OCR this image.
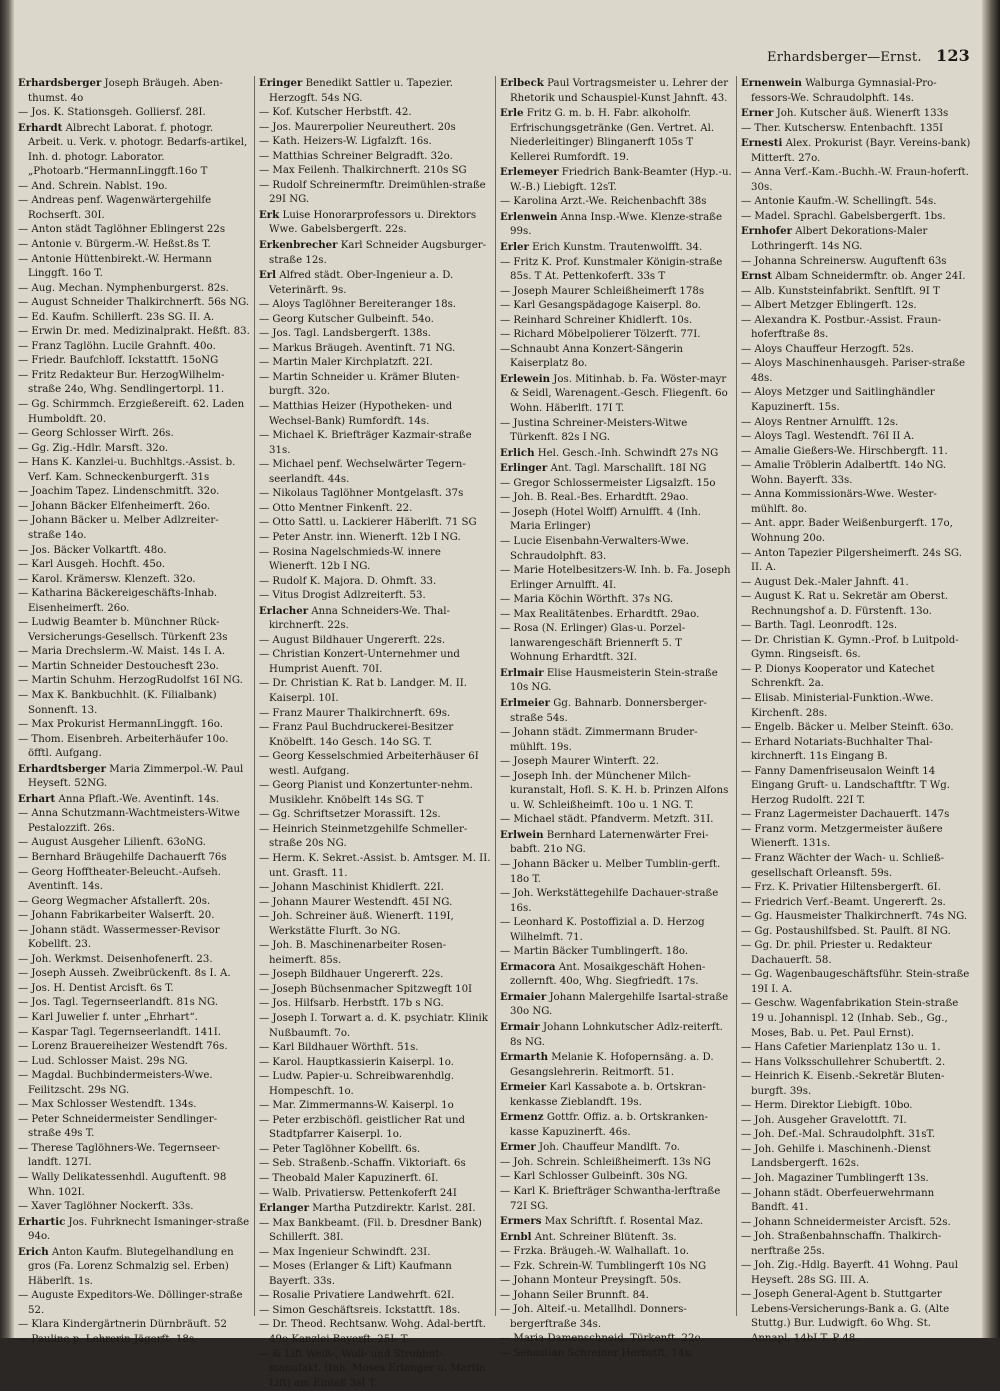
Erhardsberger—Ernst. 123

Erhardsberger Joseph Bräugeh. Aben-thumst. 4o

— Jos. K. Stationsgeh. Golliersf. 28I.

Erhardt Albrecht Laborat. f. photogr. Arbeit. u. Verk. v. photogr. Bedarfs-artikel, Inh. d. photogr. Laborator. „Photoarb.“HermannLinggft.16o T

— And. Schrein. Nablst. 19o.

— Andreas penf. Wagenwärtergehilfe Rochserft. 30I.

— Anton städt Taglöhner Eblingerst 22s

— Antonie v. Bürgerm.-W. Heßst.8s T.

— Antonie Hüttenbirekt.-W. Hermann Linggft. 16o T.

— Aug. Mechan. Nymphenburgerst. 82s.

— August Schneider Thalkirchnerft. 56s NG.

— Ed. Kaufm. Schillerft. 23s SG. II. A.

— Erwin Dr. med. Medizinalprakt. Heßft. 83.

— Franz Taglöhn. Lucile Grahnft. 40o.

— Friedr. Baufchloff. Ickstattft. 15oNG

— Fritz Redakteur Bur. HerzogWilhelm-straße 24o, Whg. Sendlingertorpl. 11.

— Gg. Schirmmch. Erzgießereift. 62. Laden Humboldft. 20.

— Georg Schlosser Wirft. 26s.

— Gg. Zig.-Hdlr. Marsft. 32o.

— Hans K. Kanzlei-u. Buchhltgs.-Assist. b. Verf. Kam. Schneckenburgerft. 31s

— Joachim Tapez. Lindenschmitft. 32o.

— Johann Bäcker Elfenheimerft. 26o.

— Johann Bäcker u. Melber Adlzreiter-straße 14o.

— Jos. Bäcker Volkartft. 48o.

— Karl Ausgeh. Hochft. 45o.

— Karol. Krämersw. Klenzeft. 32o.

— Katharina Bäckereigeschäfts-Inhab. Eisenheimerft. 26o.

— Ludwig Beamter b. Münchner Rück-Versicherungs-Gesellsch. Türkenft 23s

— Maria Drechslerm.-W. Maist. 14s I. A.

— Martin Schneider Destouchesft 23o.

— Martin Schuhm. HerzogRudolfst 16I NG.

— Max K. Bankbuchhlt. (K. Filialbank) Sonnenft. 13.

— Max Prokurist HermannLinggft. 16o.

— Thom. Eisenbreh. Arbeiterhäufer 10o. öfftl. Aufgang.

Erhardtsberger Maria Zimmerpol.-W. Paul Heyseft. 52NG.

Erhart Anna Pflaft.-We. Aventinft. 14s.

— Anna Schutzmann-Wachtmeisters-Witwe Pestalozzift. 26s.

— August Ausgeher Lilienft. 63oNG.

— Bernhard Bräugehilfe Dachauerft 76s

— Georg Hofftheater-Beleucht.-Aufseh. Aventinft. 14s.

— Georg Wegmacher Afstallerft. 20s.

— Johann Fabrikarbeiter Walserft. 20.

— Johann städt. Wassermesser-Revisor Kobellft. 23.

— Joh. Werkmst. Deisenhofenerft. 23.

— Joseph Ausseh. Zweibrückenft. 8s I. A.

— Jos. H. Dentist Arcisft. 6s T.

— Jos. Tagl. Tegernseerlandft. 81s NG.

— Karl Juwelier f. unter „Ehrhart“.

— Kaspar Tagl. Tegernseerlandft. 141I.

— Lorenz Brauereiheizer Westendft 76s.

— Lud. Schlosser Maist. 29s NG.

— Magdal. Buchbindermeisters-Wwe. Feilitzscht. 29s NG.

— Max Schlosser Westendft. 134s.

— Peter Schneidermeister Sendlinger-straße 49s T.

— Therese Taglöhners-We. Tegernseer-landft. 127I.

— Wally Delikatessenhdl. Auguftenft. 98 Whn. 102I.

— Xaver Taglöhner Nockerft. 33s.

Erhartic Jos. Fuhrknecht Ismaninger-straße 94o.

Erich Anton Kaufm. Blutegelhandlung en gros (Fa. Lorenz Schmalzig sel. Erben) Häberlft. 1s.

— Auguste Expeditors-We. Döllinger-straße 52.

— Klara Kindergärtnerin Dürnbräuft. 52

— Pauline p. Lehrerin Jägerft. 18s.

Eringer Benedikt Sattler u. Tapezier. Herzogft. 54s NG.

— Kof. Kutscher Herbstft. 42.

— Jos. Maurerpolier Neureuthert. 20s

— Kath. Heizers-W. Ligfalzft. 16s.

— Matthias Schreiner Belgradft. 32o.

— Max Feilenh. Thalkirchnerft. 210s SG

— Rudolf Schreinermftr. Dreimühlen-straße 29I NG.

Erk Luise Honorarprofessors u. Direktors Wwe. Gabelsbergerft. 22s.

Erkenbrecher Karl Schneider Augsburger-straße 12s.

Erl Alfred städt. Ober-Ingenieur a. D. Veterinärft. 9s.

— Aloys Taglöhner Bereiteranger 18s.

— Georg Kutscher Gulbeinft. 54o.

— Jos. Tagl. Landsbergerft. 138s.

— Markus Bräugeh. Aventinft. 71 NG.

— Martin Maler Kirchplatzft. 22I.

— Martin Schneider u. Krämer Bluten-burgft. 32o.

— Matthias Heizer (Hypotheken- und Wechsel-Bank) Rumfordft. 14s.

— Michael K. Briefträger Kazmair-straße 31s.

— Michael penf. Wechselwärter Tegern-seerlandft. 44s.

— Nikolaus Taglöhner Montgelasft. 37s

— Otto Mentner Finkenft. 22.

— Otto Sattl. u. Lackierer Häberlft. 71 SG

— Peter Anstr. inn. Wienerft. 12b I NG.

— Rosina Nagelschmieds-W. innere Wienerft. 12b I NG.

— Rudolf K. Majora. D. Ohmft. 33.

— Vitus Drogist Adlzreiterft. 53.

Erlacher Anna Schneiders-We. Thal-kirchnerft. 22s.

— August Bildhauer Ungererft. 22s.

— Christian Konzert-Unternehmer und Humprist Auenft. 70I.

— Dr. Christian K. Rat b. Landger. M. II. Kaiserpl. 10I.

— Franz Maurer Thalkirchnerft. 69s.

— Franz Paul Buchdruckerei-Besitzer Knöbelft. 14o Gesch. 14o SG. T.

— Georg Kesselschmied Arbeiterhäuser 6I westl. Aufgang.

— Georg Pianist und Konzertunter-nehm. Musiklehr. Knöbelft 14s SG. T

— Gg. Schriftsetzer Morassift. 12s.

— Heinrich Steinmetzgehilfe Schmeller-straße 20s NG.

— Herm. K. Sekret.-Assist. b. Amtsger. M. II. unt. Grasft. 11.

— Johann Maschinist Khidlerft. 22I.

— Johann Maurer Westendft. 45I NG.

— Joh. Schreiner äuß. Wienerft. 119I, Werkstätte Flurft. 3o NG.

— Joh. B. Maschinenarbeiter Rosen-heimerft. 85s.

— Joseph Bildhauer Ungererft. 22s.

— Joseph Büchsenmacher Spitzwegft 10I

— Jos. Hilfsarb. Herbstft. 17b s NG.

— Joseph I. Torwart a. d. K. psychiatr. Klinik Nußbaumft. 7o.

— Karl Bildhauer Wörthft. 51s.

— Karol. Hauptkassierin Kaiserpl. 1o.

— Ludw. Papier-u. Schreibwarenhdlg. Hompeschft. 1o.

— Mar. Zimmermanns-W. Kaiserpl. 1o

— Peter erzbischöfl. geistlicher Rat und Stadtpfarrer Kaiserpl. 1o.

— Peter Taglöhner Kobellft. 6s.

— Seb. Straßenb.-Schaffn. Viktoriaft. 6s

— Theobald Maler Kapuzinerft. 6I.

— Walb. Privatiersw. Pettenkoferft 24I

Erlanger Martha Putzdirektr. Karlst. 28I.

— Max Bankbeamt. (Fil. b. Dresdner Bank) Schillerft. 38I.

— Max Ingenieur Schwindft. 23I.

— Moses (Erlanger & Lift) Kaufmann Bayerft. 33s.

— Rosalie Privatiere Landwehrft. 62I.

— Simon Geschäftsreis. Ickstattft. 18s.

— Dr. Theod. Rechtsanw. Wohg. Adal-bertft. 49o Kanzlei Bayerft. 25I. T.

— & Lift Weiß-, Woll- und Strohhut-manufakt. (Inh. Moses Erlanger u. Martin Lift) am Einlaß 3sI T.

Erlbeck Paul Vortragsmeister u. Lehrer der Rhetorik und Schauspiel-Kunst Jahnft. 43.

Erle Fritz G. m. b. H. Fabr. alkoholfr. Erfrischungsgetränke (Gen. Vertret. Al. Niederleitinger) Blinganerft 105s T Kellerei Rumfordft. 19.

Erlemeyer Friedrich Bank-Beamter (Hyp.-u. W.-B.) Liebigft. 12sT.

— Karolina Arzt.-We. Reichenbachft 38s

Erlenwein Anna Insp.-Wwe. Klenze-straße 99s.

Erler Erich Kunstm. Trautenwolfft. 34.

— Fritz K. Prof. Kunstmaler Königin-straße 85s. T At. Pettenkoferft. 33s T

— Joseph Maurer Schleißheimerft 178s

— Karl Gesangspädagoge Kaiserpl. 8o.

— Reinhard Schreiner Khidlerft. 10s.

— Richard Möbelpolierer Tölzerft. 77I.

—Schnaubt Anna Konzert-Sängerin Kaiserplatz 8o.

Erlewein Jos. Mitinhab. b. Fa. Wöster-mayr & Seidl, Warenagent.-Gesch. Fliegenft. 6o Wohn. Häberlft. 17I T.

— Justina Schreiner-Meisters-Witwe Türkenft. 82s I NG.

Erlich Hel. Gesch.-Inh. Schwindft 27s NG

Erlinger Ant. Tagl. Marschallft. 18I NG

— Gregor Schlossermeister Ligsalzft. 15o

— Joh. B. Real.-Bes. Erhardtft. 29ao.

— Joseph (Hotel Wolff) Arnulfft. 4 (Inh. Maria Erlinger)

— Lucie Eisenbahn-Verwalters-Wwe. Schraudolphft. 83.

— Marie Hotelbesitzers-W. Inh. b. Fa. Joseph Erlinger Arnulfft. 4I.

— Maria Köchin Wörthft. 37s NG.

— Max Realitätenbes. Erhardtft. 29ao.

— Rosa (N. Erlinger) Glas-u. Porzel-lanwarengeschäft Briennerft 5. T Wohnung Erhardtft. 32I.

Erlmair Elise Hausmeisterin Stein-straße 10s NG.

Erlmeier Gg. Bahnarb. Donnersberger-straße 54s.

— Johann städt. Zimmermann Bruder-mühlft. 19s.

— Joseph Maurer Winterft. 22.

— Joseph Inh. der Münchener Milch-kuranstalt, Hofl. S. K. H. b. Prinzen Alfons u. W. Schleißheimft. 10o u. 1 NG. T.

— Michael städt. Pfandverm. Metzft. 31I.

Erlwein Bernhard Laternenwärter Frei-babft. 21o NG.

— Johann Bäcker u. Melber Tumblin-gerft. 18o T.

— Joh. Werkstättegehilfe Dachauer-straße 16s.

— Leonhard K. Postoffizial a. D. Herzog Wilhelmft. 71.

— Martin Bäcker Tumblingerft. 18o.

Ermacora Ant. Mosaikgeschäft Hohen-zollernft. 40o, Whg. Siegfriedft. 17s.

Ermaier Johann Malergehilfe Isartal-straße 30o NG.

Ermair Johann Lohnkutscher Adlz-reiterft. 8s NG.

Ermarth Melanie K. Hofopernsäng. a. D. Gesangslehrerin. Reitmorft. 51.

Ermeier Karl Kassabote a. b. Ortskran-kenkasse Zieblandft. 19s.

Ermenz Gottfr. Offiz. a. b. Ortskranken-kasse Kapuzinerft. 46s.

Ermer Joh. Chauffeur Mandlft. 7o.

— Joh. Schrein. Schleißheimerft. 13s NG

— Karl Schlosser Gulbeinft. 30s NG.

— Karl K. Briefträger Schwantha-lerftraße 72I SG.

Ermers Max Schriftft. f. Rosental Maz.

Ernbl Ant. Schreiner Blütenft. 3s.

— Frzka. Bräugeh.-W. Walhallaft. 1o.

— Fzk. Schrein-W. Tumblingerft 10s NG

— Johann Monteur Preysingft. 50s.

— Johann Seiler Brunnft. 84.

— Joh. Alteif.-u. Metallhdl. Donners-bergerftraße 34s.

— Maria Damenschneid. Türkenft. 22o.

— Sebastian Schreiner Herbstft. 14s.

Ernenwein Walburga Gymnasial-Pro-fessors-We. Schraudolphft. 14s.

Erner Joh. Kutscher äuß. Wienerft 133s

— Ther. Kutschersw. Entenbachft. 135I

Ernesti Alex. Prokurist (Bayr. Vereins-bank) Mitterft. 27o.

— Anna Verf.-Kam.-Buchh.-W. Fraun-hoferft. 30s.

— Antonie Kaufm.-W. Schellingft. 54s.

— Madel. Sprachl. Gabelsbergerft. 1bs.

Ernhofer Albert Dekorations-Maler Lothringerft. 14s NG.

— Johanna Schreinersw. Auguftenft 63s

Ernst Albam Schneidermftr. ob. Anger 24I.

— Alb. Kunststeinfabrikt. Senftlft. 9I T

— Albert Metzger Eblingerft. 12s.

— Alexandra K. Postbur.-Assist. Fraun-hoferftraße 8s.

— Aloys Chauffeur Herzogft. 52s.

— Aloys Maschinenhausgeh. Pariser-straße 48s.

— Aloys Metzger und Saitlinghändler Kapuzinerft. 15s.

— Aloys Rentner Arnulfft. 12s.

— Aloys Tagl. Westendft. 76I II A.

— Amalie Gießers-We. Hirschbergft. 11.

— Amalie Tröblerin Adalbertft. 14o NG. Wohn. Bayerft. 33s.

— Anna Kommissionärs-Wwe. Wester-mühlft. 8o.

— Ant. appr. Bader Weißenburgerft. 17o, Wohnung 20o.

— Anton Tapezier Pilgersheimerft. 24s SG. II. A.

— August Dek.-Maler Jahnft. 41.

— August K. Rat u. Sekretär am Oberst. Rechnungshof a. D. Fürstenft. 13o.

— Barth. Tagl. Leonrodft. 12s.

— Dr. Christian K. Gymn.-Prof. b Luitpold-Gymn. Ringseisft. 6s.

— P. Dionys Kooperator und Katechet Schrenkft. 2a.

— Elisab. Ministerial-Funktion.-Wwe. Kirchenft. 28s.

— Engelb. Bäcker u. Melber Steinft. 63o.

— Erhard Notariats-Buchhalter Thal-kirchnerft. 11s Eingang B.

— Fanny Damenfriseusalon Weinft 14 Eingang Gruft- u. Landschaftftr. T Wg. Herzog Rudolft. 22I T.

— Franz Lagermeister Dachauerft. 147s

— Franz vorm. Metzgermeister äußere Wienerft. 131s.

— Franz Wächter der Wach- u. Schließ-gesellschaft Orleansft. 59s.

— Frz. K. Privatier Hiltensbergerft. 6I.

— Friedrich Verf.-Beamt. Ungererft. 2s.

— Gg. Hausmeister Thalkirchnerft. 74s NG.

— Gg. Postaushilfsbed. St. Paulft. 8I NG.

— Gg. Dr. phil. Priester u. Redakteur Dachauerft. 58.

— Gg. Wagenbaugeschäftsführ. Stein-straße 19I I. A.

— Geschw. Wagenfabrikation Stein-straße 19 u. Johannispl. 12 (Inhab. Seb., Gg., Moses, Bab. u. Pet. Paul Ernst).

— Hans Cafetier Marienplatz 13o u. 1.

— Hans Volksschullehrer Schubertft. 2.

— Heinrich K. Eisenb.-Sekretär Bluten-burgft. 39s.

— Herm. Direktor Liebigft. 10bo.

— Joh. Ausgeher Gravelottft. 7I.

— Joh. Def.-Mal. Schraudolphft. 31sT.

— Joh. Gehilfe i. Maschinenh.-Dienst Landsbergerft. 162s.

— Joh. Magaziner Tumblingerft 13s.

— Johann städt. Oberfeuerwehrmann Bandft. 41.

— Johann Schneidermeister Arcisft. 52s.

— Joh. Straßenbahnschaffn. Thalkirch-nerftraße 25s.

— Joh. Zig.-Hdlg. Bayerft. 41 Wohng. Paul Heyseft. 28s SG. III. A.

— Joseph General-Agent b. Stuttgarter Lebens-Versicherungs-Bank a. G. (Alte Stuttg.) Bur. Ludwigft. 6o Whg. St. Annapl. 14bI T. P 48.
